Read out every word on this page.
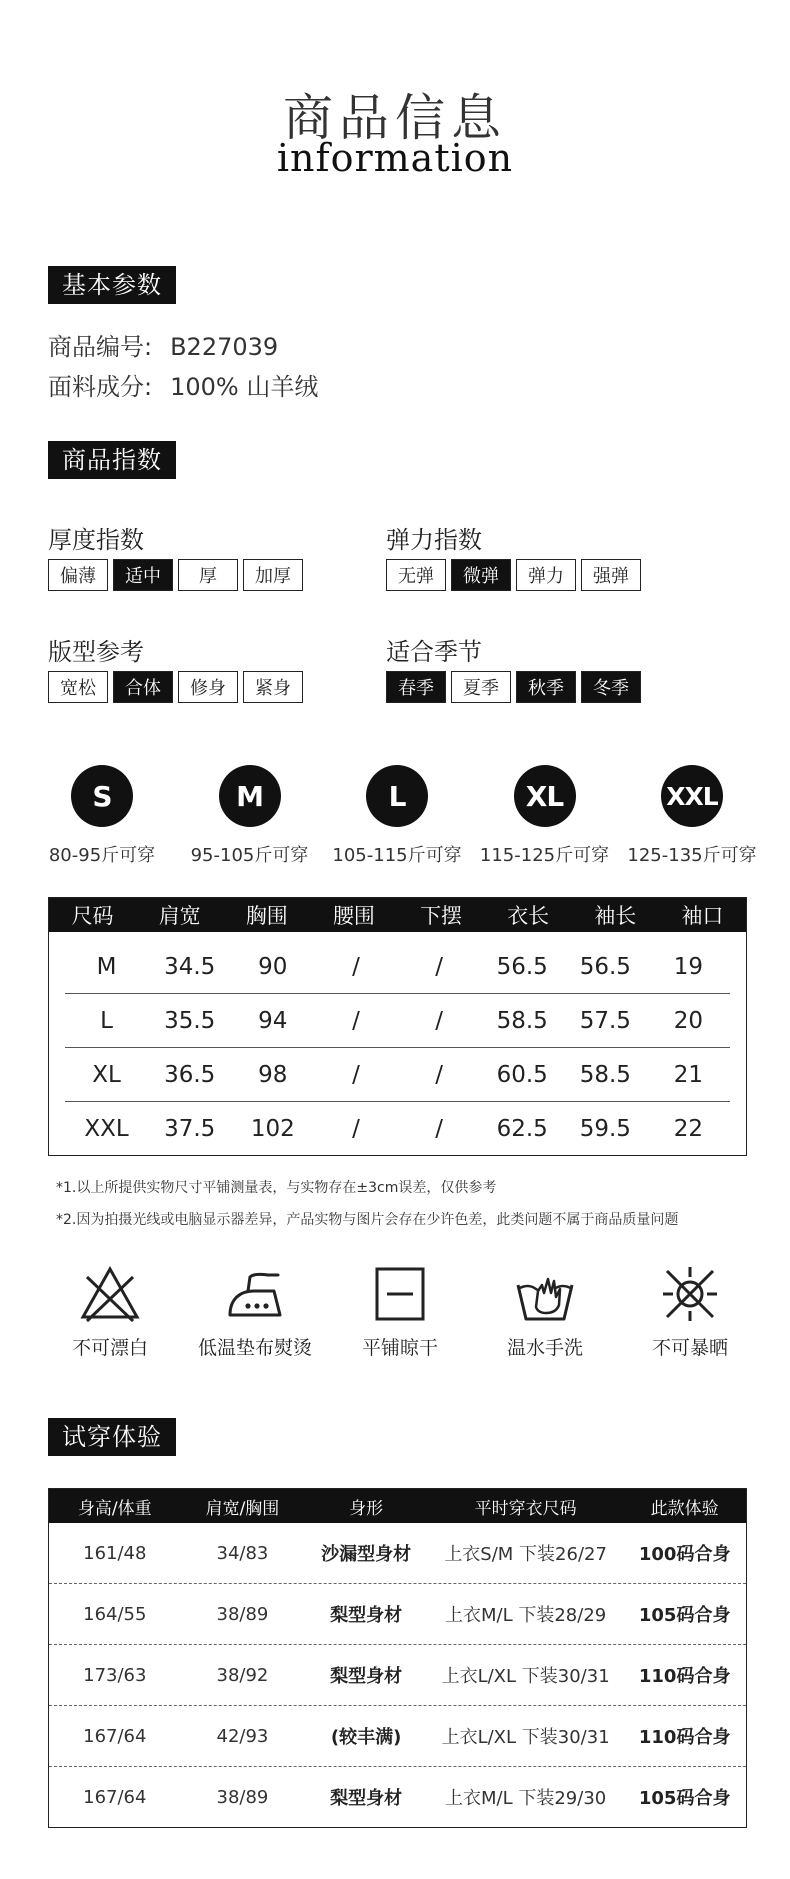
商品信息
information
基本参数
商品编号: B227039
面料成分: 100% 山羊绒
商品指数
厚度指数
偏薄	适中	厚	加厚
弹力指数
无弹	微弹	弹力	强弹
版型参考
宽松	合体	修身	紧身
适合季节
春季	夏季	秋季	冬季
S
80-95斤可穿
M
95-105斤可穿
L
105-115斤可穿
XL
115-125斤可穿
XXL
125-135斤可穿
尺码	肩宽	胸围	腰围	下摆	衣长	袖长	袖口
M	34.5	90	/	/	56.5	56.5	19
L	35.5	94	/	/	58.5	57.5	20
XL	36.5	98	/	/	60.5	58.5	21
XXL	37.5	102	/	/	62.5	59.5	22
*1.以上所提供实物尺寸平铺测量表，与实物存在±3cm误差，仅供参考
*2.因为拍摄光线或电脑显示器差异，产品实物与图片会存在少许色差，此类问题不属于商品质量问题
不可漂白	低温垫布熨烫	平铺晾干	温水手洗	不可暴晒
试穿体验
身高/体重	肩宽/胸围	身形	平时穿衣尺码	此款体验
161/48	34/83	沙漏型身材	上衣S/M 下装26/27	100码合身
164/55	38/89	梨型身材	上衣M/L 下装28/29	105码合身
173/63	38/92	梨型身材	上衣L/XL 下装30/31	110码合身
167/64	42/93	(较丰满)	上衣L/XL 下装30/31	110码合身
167/64	38/89	梨型身材	上衣M/L 下装29/30	105码合身
